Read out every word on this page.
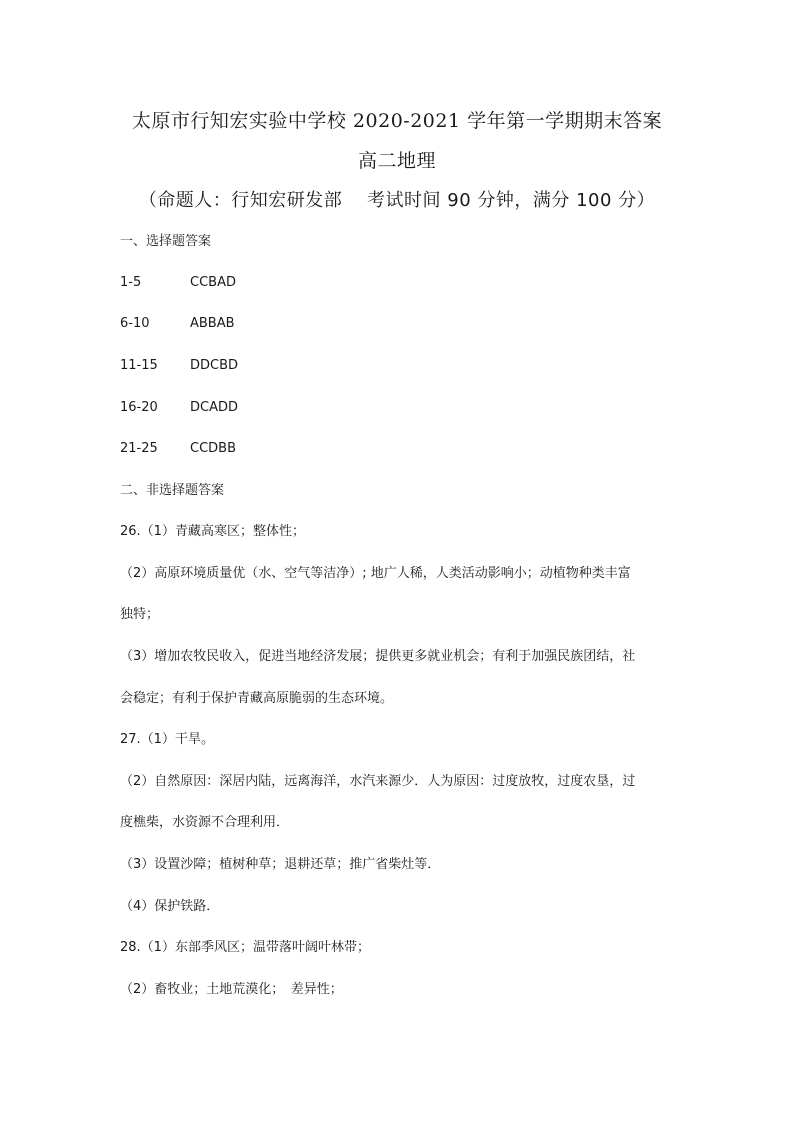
太原市行知宏实验中学校 2020-2021 学年第一学期期末答案
高二地理
（命题人：行知宏研发部　 考试时间 90 分钟，满分 100 分）
一、选择题答案
1-5	CCBAD
6-10	ABBAB
11-15 DDCBD
16-20 DCADD
21-25 CCDBB
二、非选择题答案
26.（1）青藏高寒区；整体性；
（2）高原环境质量优（水、空气等洁净）; 地广人稀，人类活动影响小；动植物种类丰富
独特；
（3）增加农牧民收入，促进当地经济发展；提供更多就业机会；有利于加强民族团结，社
会稳定；有利于保护青藏高原脆弱的生态环境。
27.（1）干旱。
（2）自然原因：深居内陆，远离海洋，水汽来源少．人为原因：过度放牧，过度农垦，过
度樵柴，水资源不合理利用．
（3）设置沙障；植树种草；退耕还草；推广省柴灶等．
（4）保护铁路．
28.（1）东部季风区；温带落叶阔叶林带；
（2）畜牧业；土地荒漠化；　差异性；
